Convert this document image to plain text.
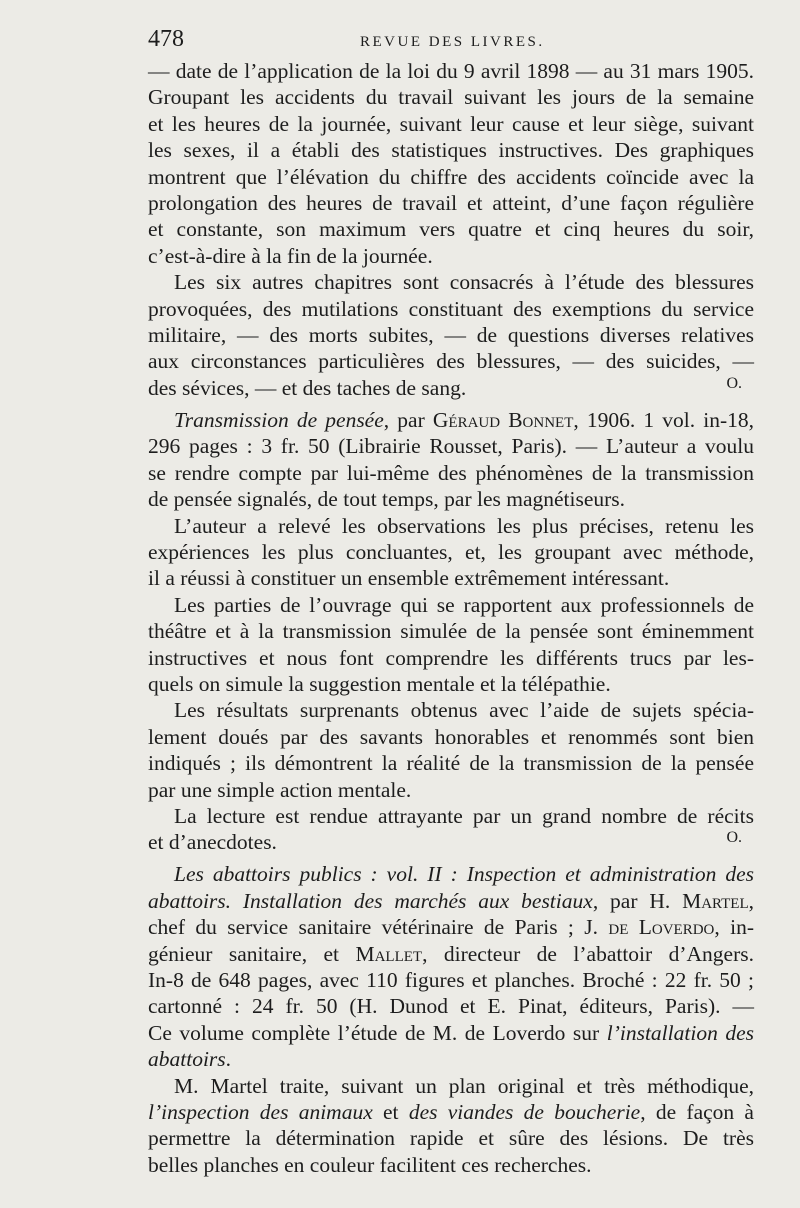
478	REVUE DES LIVRES.

— date de l’application de la loi du 9 avril 1898 — au 31 mars 1905.

Groupant les accidents du travail suivant les jours de la semaine

et les heures de la journée, suivant leur cause et leur siège, suivant

les sexes, il a établi des statistiques instructives. Des graphiques

montrent que l’élévation du chiffre des accidents coïncide avec la

prolongation des heures de travail et atteint, d’une façon régulière

et constante, son maximum vers quatre et cinq heures du soir,

c’est-à-dire à la fin de la journée.

Les six autres chapitres sont consacrés à l’étude des blessures

provoquées, des mutilations constituant des exemptions du service

militaire, — des morts subites, — de questions diverses relatives

aux circonstances particulières des blessures, — des suicides, —

des sévices, — et des taches de sang.	O.

Transmission de pensée, par Géraud Bonnet, 1906. 1 vol. in-18,

296 pages : 3 fr. 50 (Librairie Rousset, Paris). — L’auteur a voulu

se rendre compte par lui-même des phénomènes de la transmission

de pensée signalés, de tout temps, par les magnétiseurs.

L’auteur a relevé les observations les plus précises, retenu les

expériences les plus concluantes, et, les groupant avec méthode,

il a réussi à constituer un ensemble extrêmement intéressant.

Les parties de l’ouvrage qui se rapportent aux professionnels de

théâtre et à la transmission simulée de la pensée sont éminemment

instructives et nous font comprendre les différents trucs par les-

quels on simule la suggestion mentale et la télépathie.

Les résultats surprenants obtenus avec l’aide de sujets spécia-

lement doués par des savants honorables et renommés sont bien

indiqués ; ils démontrent la réalité de la transmission de la pensée

par une simple action mentale.

La lecture est rendue attrayante par un grand nombre de récits

et d’anecdotes.	O.

Les abattoirs publics : vol. II : Inspection et administration des

abattoirs. Installation des marchés aux bestiaux, par H. Martel,

chef du service sanitaire vétérinaire de Paris ; J. de Loverdo, in-

génieur sanitaire, et Mallet, directeur de l’abattoir d’Angers.

In-8 de 648 pages, avec 110 figures et planches. Broché : 22 fr. 50 ;

cartonné : 24 fr. 50 (H. Dunod et E. Pinat, éditeurs, Paris). —

Ce volume complète l’étude de M. de Loverdo sur l’installation des

abattoirs.

M. Martel traite, suivant un plan original et très méthodique,

l’inspection des animaux et des viandes de boucherie, de façon à

permettre la détermination rapide et sûre des lésions. De très

belles planches en couleur facilitent ces recherches.
